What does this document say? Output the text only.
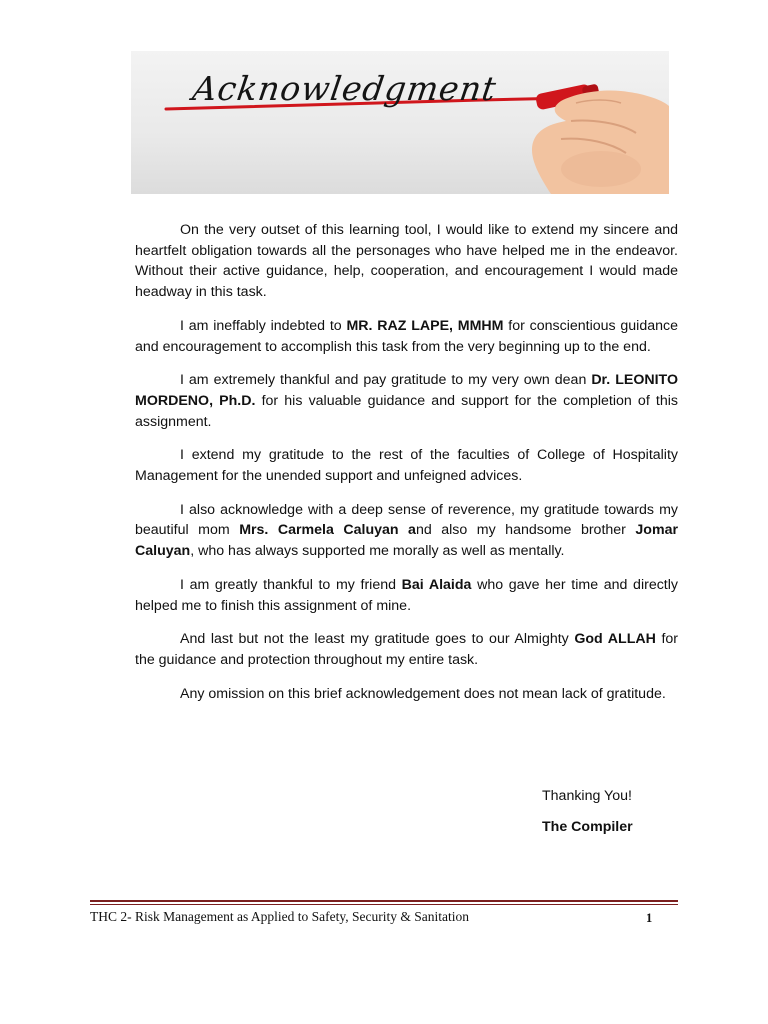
Acknowledgment

On the very outset of this learning tool, I would like to extend my sincere and heartfelt obligation towards all the personages who have helped me in the endeavor. Without their active guidance, help, cooperation, and encouragement I would made headway in this task.

I am ineffably indebted to MR. RAZ LAPE, MMHM for conscientious guidance and encouragement to accomplish this task from the very beginning up to the end.

I am extremely thankful and pay gratitude to my very own dean Dr. LEONITO MORDENO, Ph.D. for his valuable guidance and support for the completion of this assignment.

I extend my gratitude to the rest of the faculties of College of Hospitality Management for the unended support and unfeigned advices.

I also acknowledge with a deep sense of reverence, my gratitude towards my beautiful mom Mrs. Carmela Caluyan and also my handsome brother Jomar Caluyan, who has always supported me morally as well as mentally.

I am greatly thankful to my friend Bai Alaida who gave her time and directly helped me to finish this assignment of mine.

And last but not the least my gratitude goes to our Almighty God ALLAH for the guidance and protection throughout my entire task.

Any omission on this brief acknowledgement does not mean lack of gratitude.

Thanking You!
The Compiler
THC 2- Risk Management as Applied to Safety, Security & Sanitation	1
